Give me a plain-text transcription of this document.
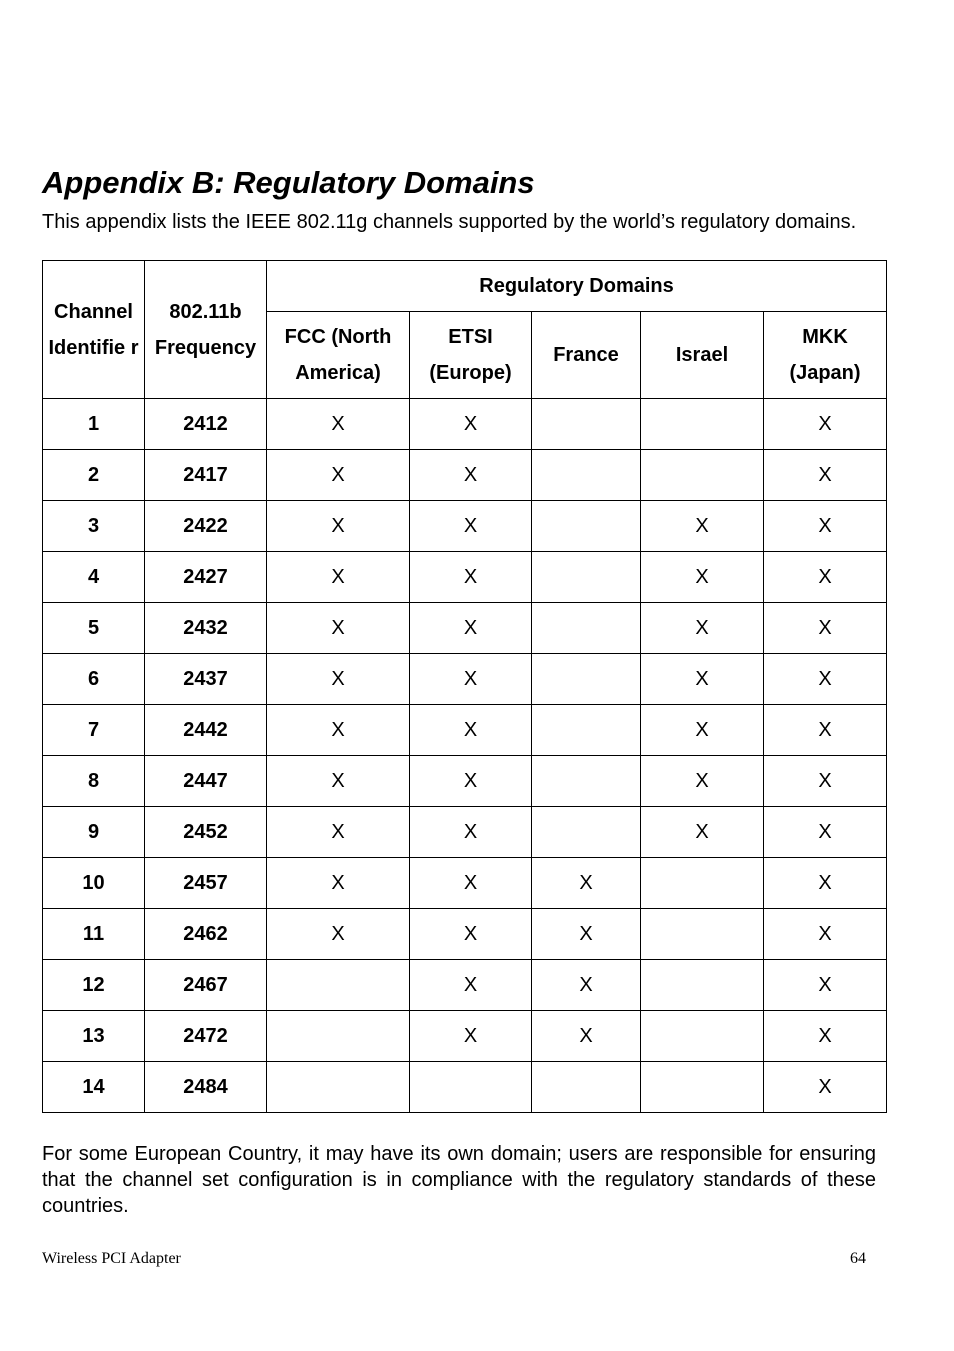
Appendix B: Regulatory Domains

This appendix lists the IEEE 802.11g channels supported by the world’s regulatory domains.

Channel Identifie r	802.11b Frequency	Regulatory Domains				
		FCC (North America)	ETSI (Europe)	France	Israel	MKK (Japan)
1	2412	X	X			X
2	2417	X	X			X
3	2422	X	X		X	X
4	2427	X	X		X	X
5	2432	X	X		X	X
6	2437	X	X		X	X
7	2442	X	X		X	X
8	2447	X	X		X	X
9	2452	X	X		X	X
10	2457	X	X	X		X
11	2462	X	X	X		X
12	2467		X	X		X
13	2472		X	X		X
14	2484					X

For some European Country, it may have its own domain; users are responsible for ensuring that the channel set configuration is in compliance with the regulatory standards of these countries.

Wireless PCI Adapter	64
